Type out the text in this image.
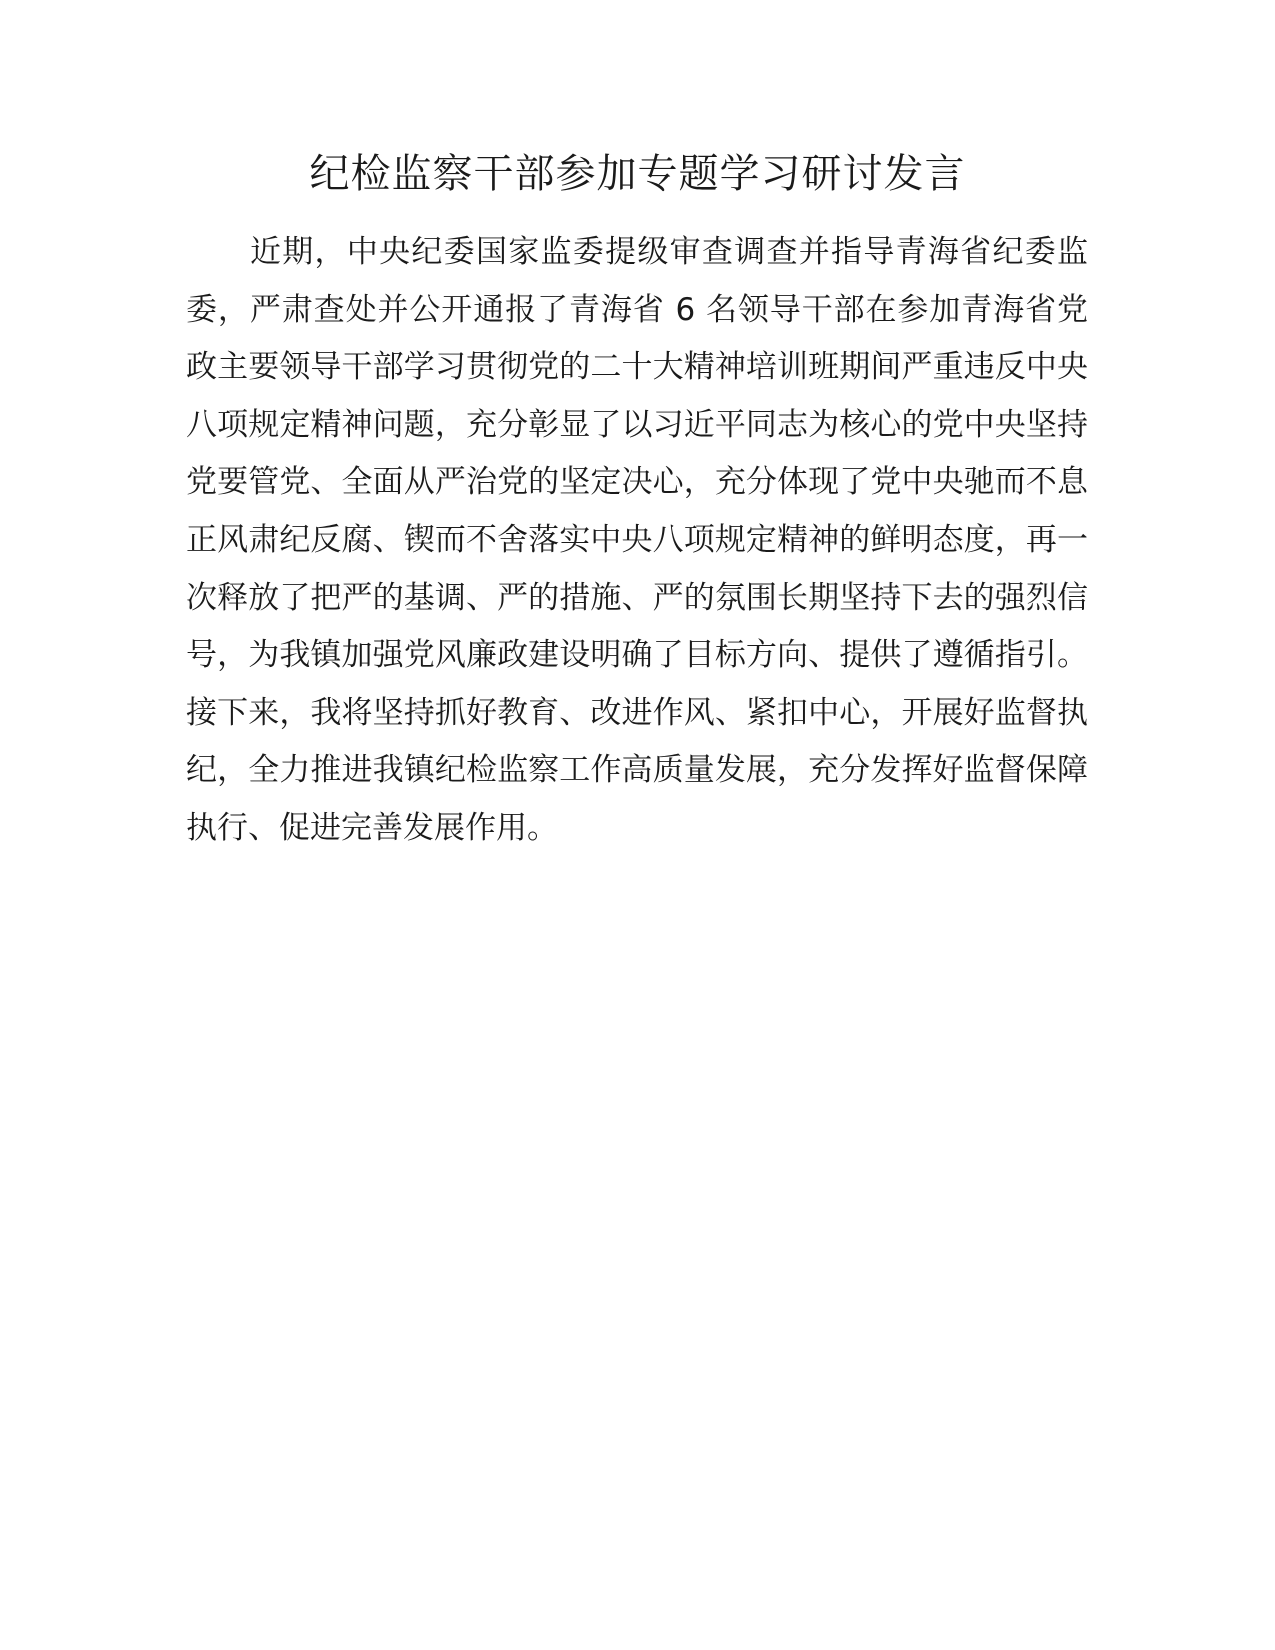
纪检监察干部参加专题学习研讨发言

近期，中央纪委国家监委提级审查调查并指导青海省纪委监委，严肃查处并公开通报了青海省 6 名领导干部在参加青海省党政主要领导干部学习贯彻党的二十大精神培训班期间严重违反中央八项规定精神问题，充分彰显了以习近平同志为核心的党中央坚持党要管党、全面从严治党的坚定决心，充分体现了党中央驰而不息正风肃纪反腐、锲而不舍落实中央八项规定精神的鲜明态度，再一次释放了把严的基调、严的措施、严的氛围长期坚持下去的强烈信号，为我镇加强党风廉政建设明确了目标方向、提供了遵循指引。接下来，我将坚持抓好教育、改进作风、紧扣中心，开展好监督执纪，全力推进我镇纪检监察工作高质量发展，充分发挥好监督保障执行、促进完善发展作用。
